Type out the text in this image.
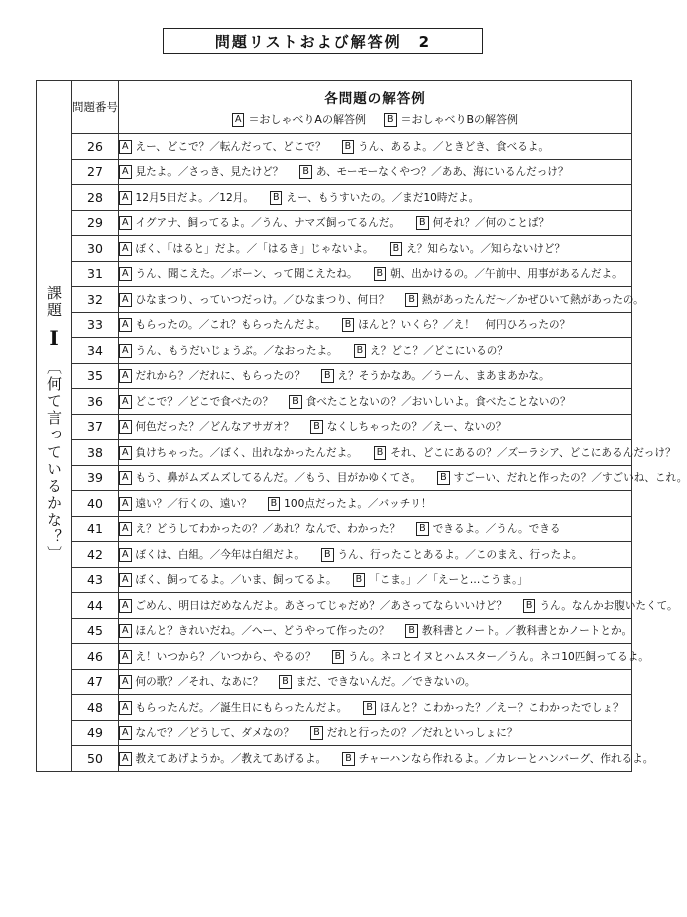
問題リストおよび解答例　2
課題 Ⅰ 〔何て言っているかな？〕	問題番号	各問題の解答例
A ＝おしゃべりAの解答例 B ＝おしゃべりBの解答例

	26	A えー、どこで？／転んだって、どこで？ B うん、あるよ。／ときどき、食べるよ。
	27	A 見たよ。／さっき、見たけど？ B あ、モーモーなくやつ？／ああ、海にいるんだっけ？
	28	A 12月5日だよ。／12月。 B えー、もうすいたの。／まだ10時だよ。
	29	A イグアナ、飼ってるよ。／うん、ナマズ飼ってるんだ。 B 何それ？／何のことば？
	30	A ぼく、「はると」だよ。／「はるき」じゃないよ。 B え？知らない。／知らないけど？
	31	A うん、聞こえた。／ボーン、って聞こえたね。 B 朝、出かけるの。／午前中、用事があるんだよ。
	32	A ひなまつり、っていつだっけ。／ひなまつり、何日？ B 熱があったんだ～／かぜひいて熱があったの。
	33	A もらったの。／これ？もらったんだよ。 B ほんと？いくら？／え！　何円ひろったの？
	34	A うん、もうだいじょうぶ。／なおったよ。 B え？どこ？／どこにいるの？
	35	A だれから？／だれに、もらったの？ B え？そうかなあ。／うーん、まあまあかな。
	36	A どこで？／どこで食べたの？ B 食べたことないの？／おいしいよ。食べたことないの？
	37	A 何色だった？／どんなアサガオ？ B なくしちゃったの？／えー、ないの？
	38	A 負けちゃった。／ぼく、出れなかったんだよ。 B それ、どこにあるの？／ズーラシア、どこにあるんだっけ？
	39	A もう、鼻がムズムズしてるんだ。／もう、目がかゆくてさ。 B すごーい、だれと作ったの？／すごいね、これ。
	40	A 遠い？／行くの、遠い？ B 100点だったよ。／バッチリ！
	41	A え？どうしてわかったの？／あれ？なんで、わかった？ B できるよ。／うん。できる
	42	A ぼくは、白組。／今年は白組だよ。 B うん、行ったことあるよ。／このまえ、行ったよ。
	43	A ぼく、飼ってるよ。／いま、飼ってるよ。 B 「こま。」／「えーと…こうま。」
	44	A ごめん、明日はだめなんだよ。あさってじゃだめ？／あさってならいいけど？ B うん。なんかお腹いたくて。
	45	A ほんと？きれいだね。／へー、どうやって作ったの？ B 教科書とノート。／教科書とかノートとか。
	46	A え！いつから？／いつから、やるの？ B うん。ネコとイヌとハムスター／うん。ネコ10匹飼ってるよ。
	47	A 何の歌？／それ、なあに？ B まだ、できないんだ。／できないの。
	48	A もらったんだ。／誕生日にもらったんだよ。 B ほんと？こわかった？／えー？こわかったでしょ？
	49	A なんで？／どうして、ダメなの？ B だれと行ったの？／だれといっしょに？
	50	A 教えてあげようか。／教えてあげるよ。 B チャーハンなら作れるよ。／カレーとハンバーグ、作れるよ。
